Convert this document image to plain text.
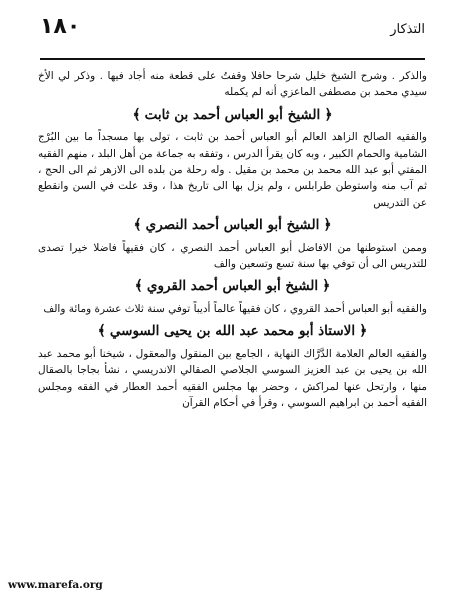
١٨٠	التذكار

والذكر . وشرح الشيخ خليل شرحا حافلا وقفتُ على قطعة منه أجاد فيها . وذكر لي الأخ سيدي محمد بن مصطفى الماعزي أنه لم يكمله

﴿الشيخ أبو العباس أحمد بن ثابت﴾

والفقيه الصالح الزاهد العالم أبو العباس أحمد بن ثابت ، تولى بها مسجداً ما بين البُرْج الشامية والحمام الكبير ، وبه كان يقرأ الدرس ، وتفقه به جماعة من أهل البلد ، منهم الفقيه المفتي أبو عبد الله محمد بن محمد بن مقيل . وله رحلة من بلده الى الازهر ثم الى الحج ، ثم آب منه واستوطن طرابلس ، ولم يزل بها الى تاريخ هذا ، وقد علت في السن وانقطع عن التدريس

﴿الشيخ أبو العباس أحمد النصري﴾

وممن استوطنها من الافاضل أبو العباس أحمد النصري ، كان فقيهاً فاضلا خيرا تصدى للتدريس الى أن توفي بها سنة تسع وتسعين والف

﴿الشيخ أبو العباس أحمد القروي﴾

والفقيه أبو العباس أحمد القروي ، كان فقيهاً عالماً أديباً توفي سنة ثلاث عشرة ومائة والف

﴿الاستاذ أبو محمد عبد الله بن يحيى السوسي﴾

والفقيه العالم العلامة الدَّرَّاك النهاية ، الجامع بين المنقول والمعقول ، شيخنا أبو محمد عبد الله بن يحيى بن عبد العزيز السوسي الجلاصي الصقالي الاندريسي ، نشأ بجاجا بالصقال منها ، وارتحل عنها لمراكش ، وحضر بها مجلس الفقيه أحمد العطار في الفقه ومجلس الفقيه أحمد بن ابراهيم السوسي ، وقرأ في أحكام القرآن

www.marefa.org
